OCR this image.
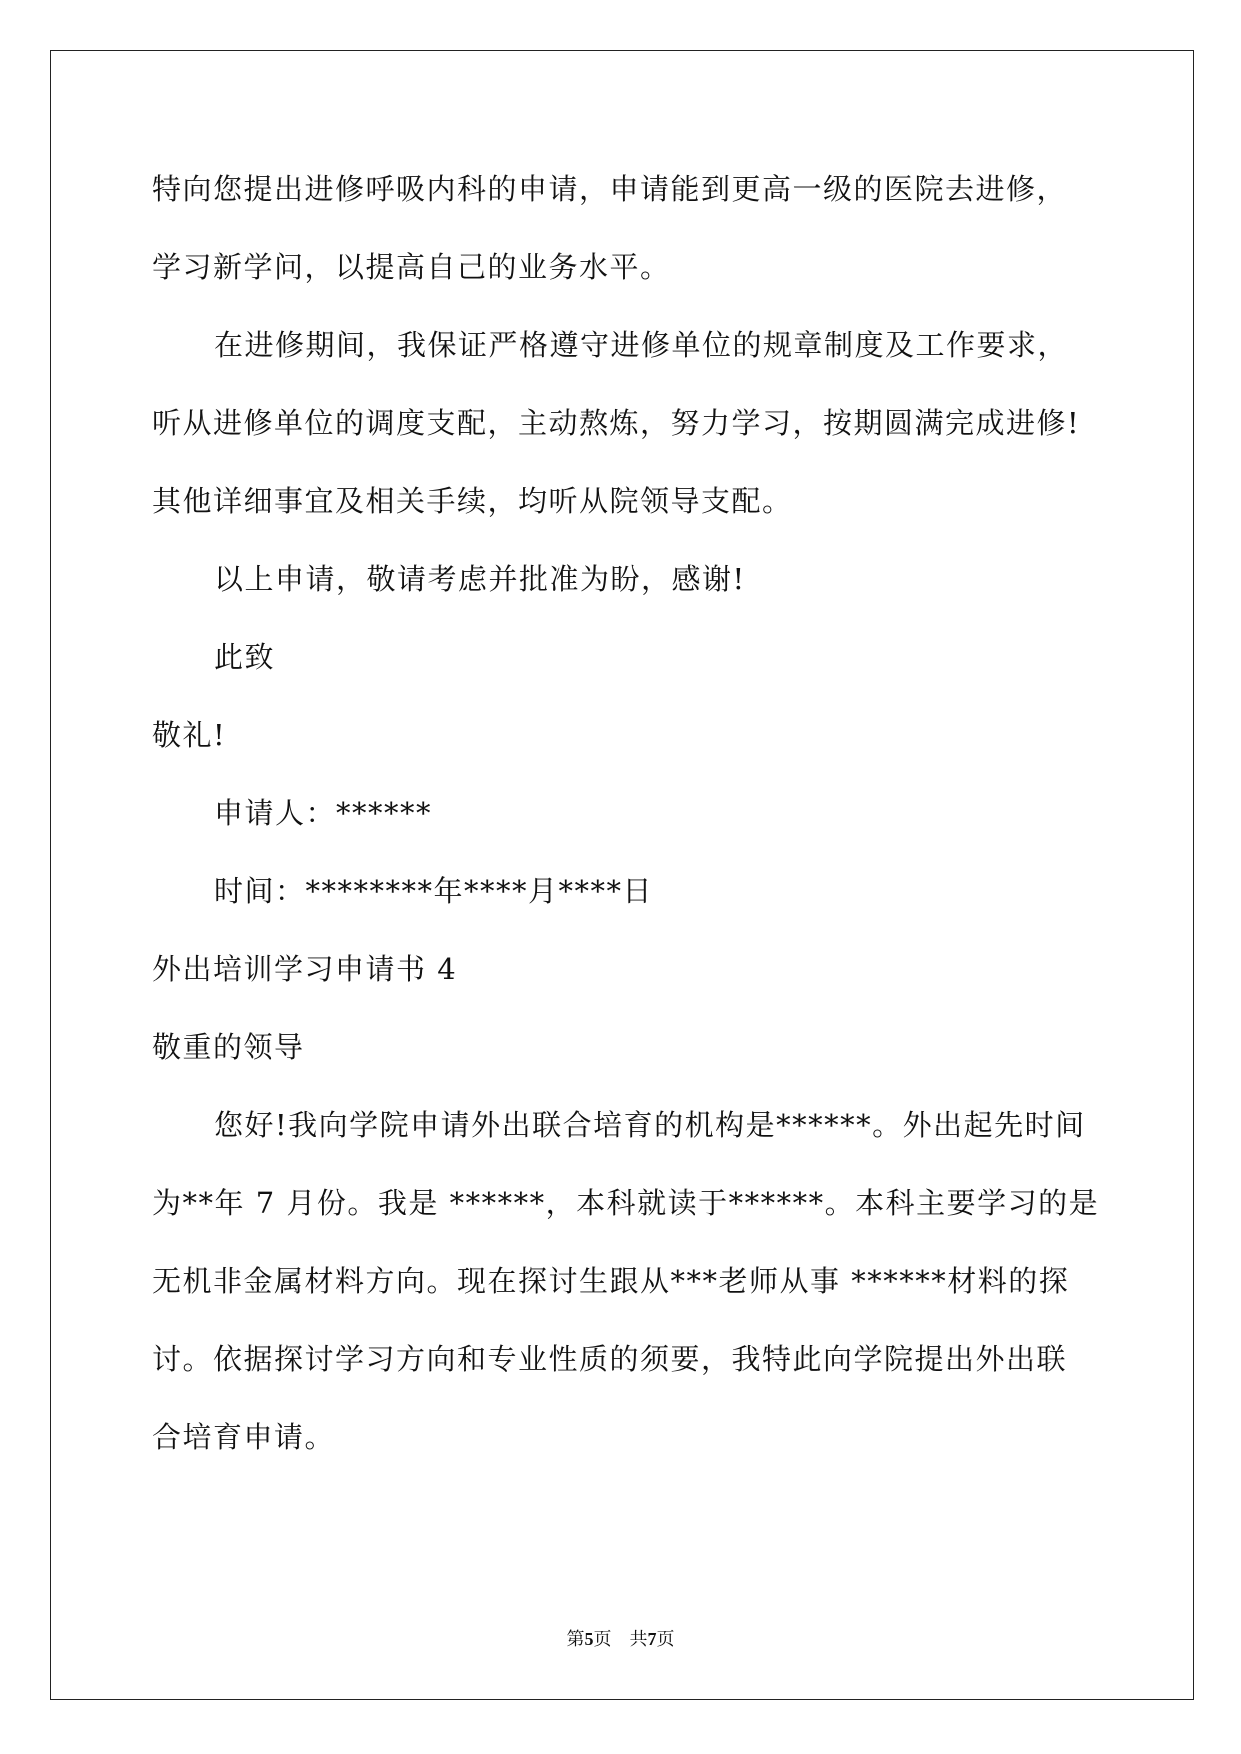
特向您提出进修呼吸内科的申请，申请能到更高一级的医院去进修，
学习新学问，以提高自己的业务水平。
在进修期间，我保证严格遵守进修单位的规章制度及工作要求，
听从进修单位的调度支配，主动熬炼，努力学习，按期圆满完成进修!
其他详细事宜及相关手续，均听从院领导支配。
以上申请，敬请考虑并批准为盼，感谢!
此致
敬礼!
申请人：******
时间：********年****月****日
外出培训学习申请书 4
敬重的领导
您好!我向学院申请外出联合培育的机构是******。外出起先时间
为**年 7 月份。我是 ******，本科就读于******。本科主要学习的是
无机非金属材料方向。现在探讨生跟从***老师从事 ******材料的探
讨。依据探讨学习方向和专业性质的须要，我特此向学院提出外出联
合培育申请。
第5页 共7页
